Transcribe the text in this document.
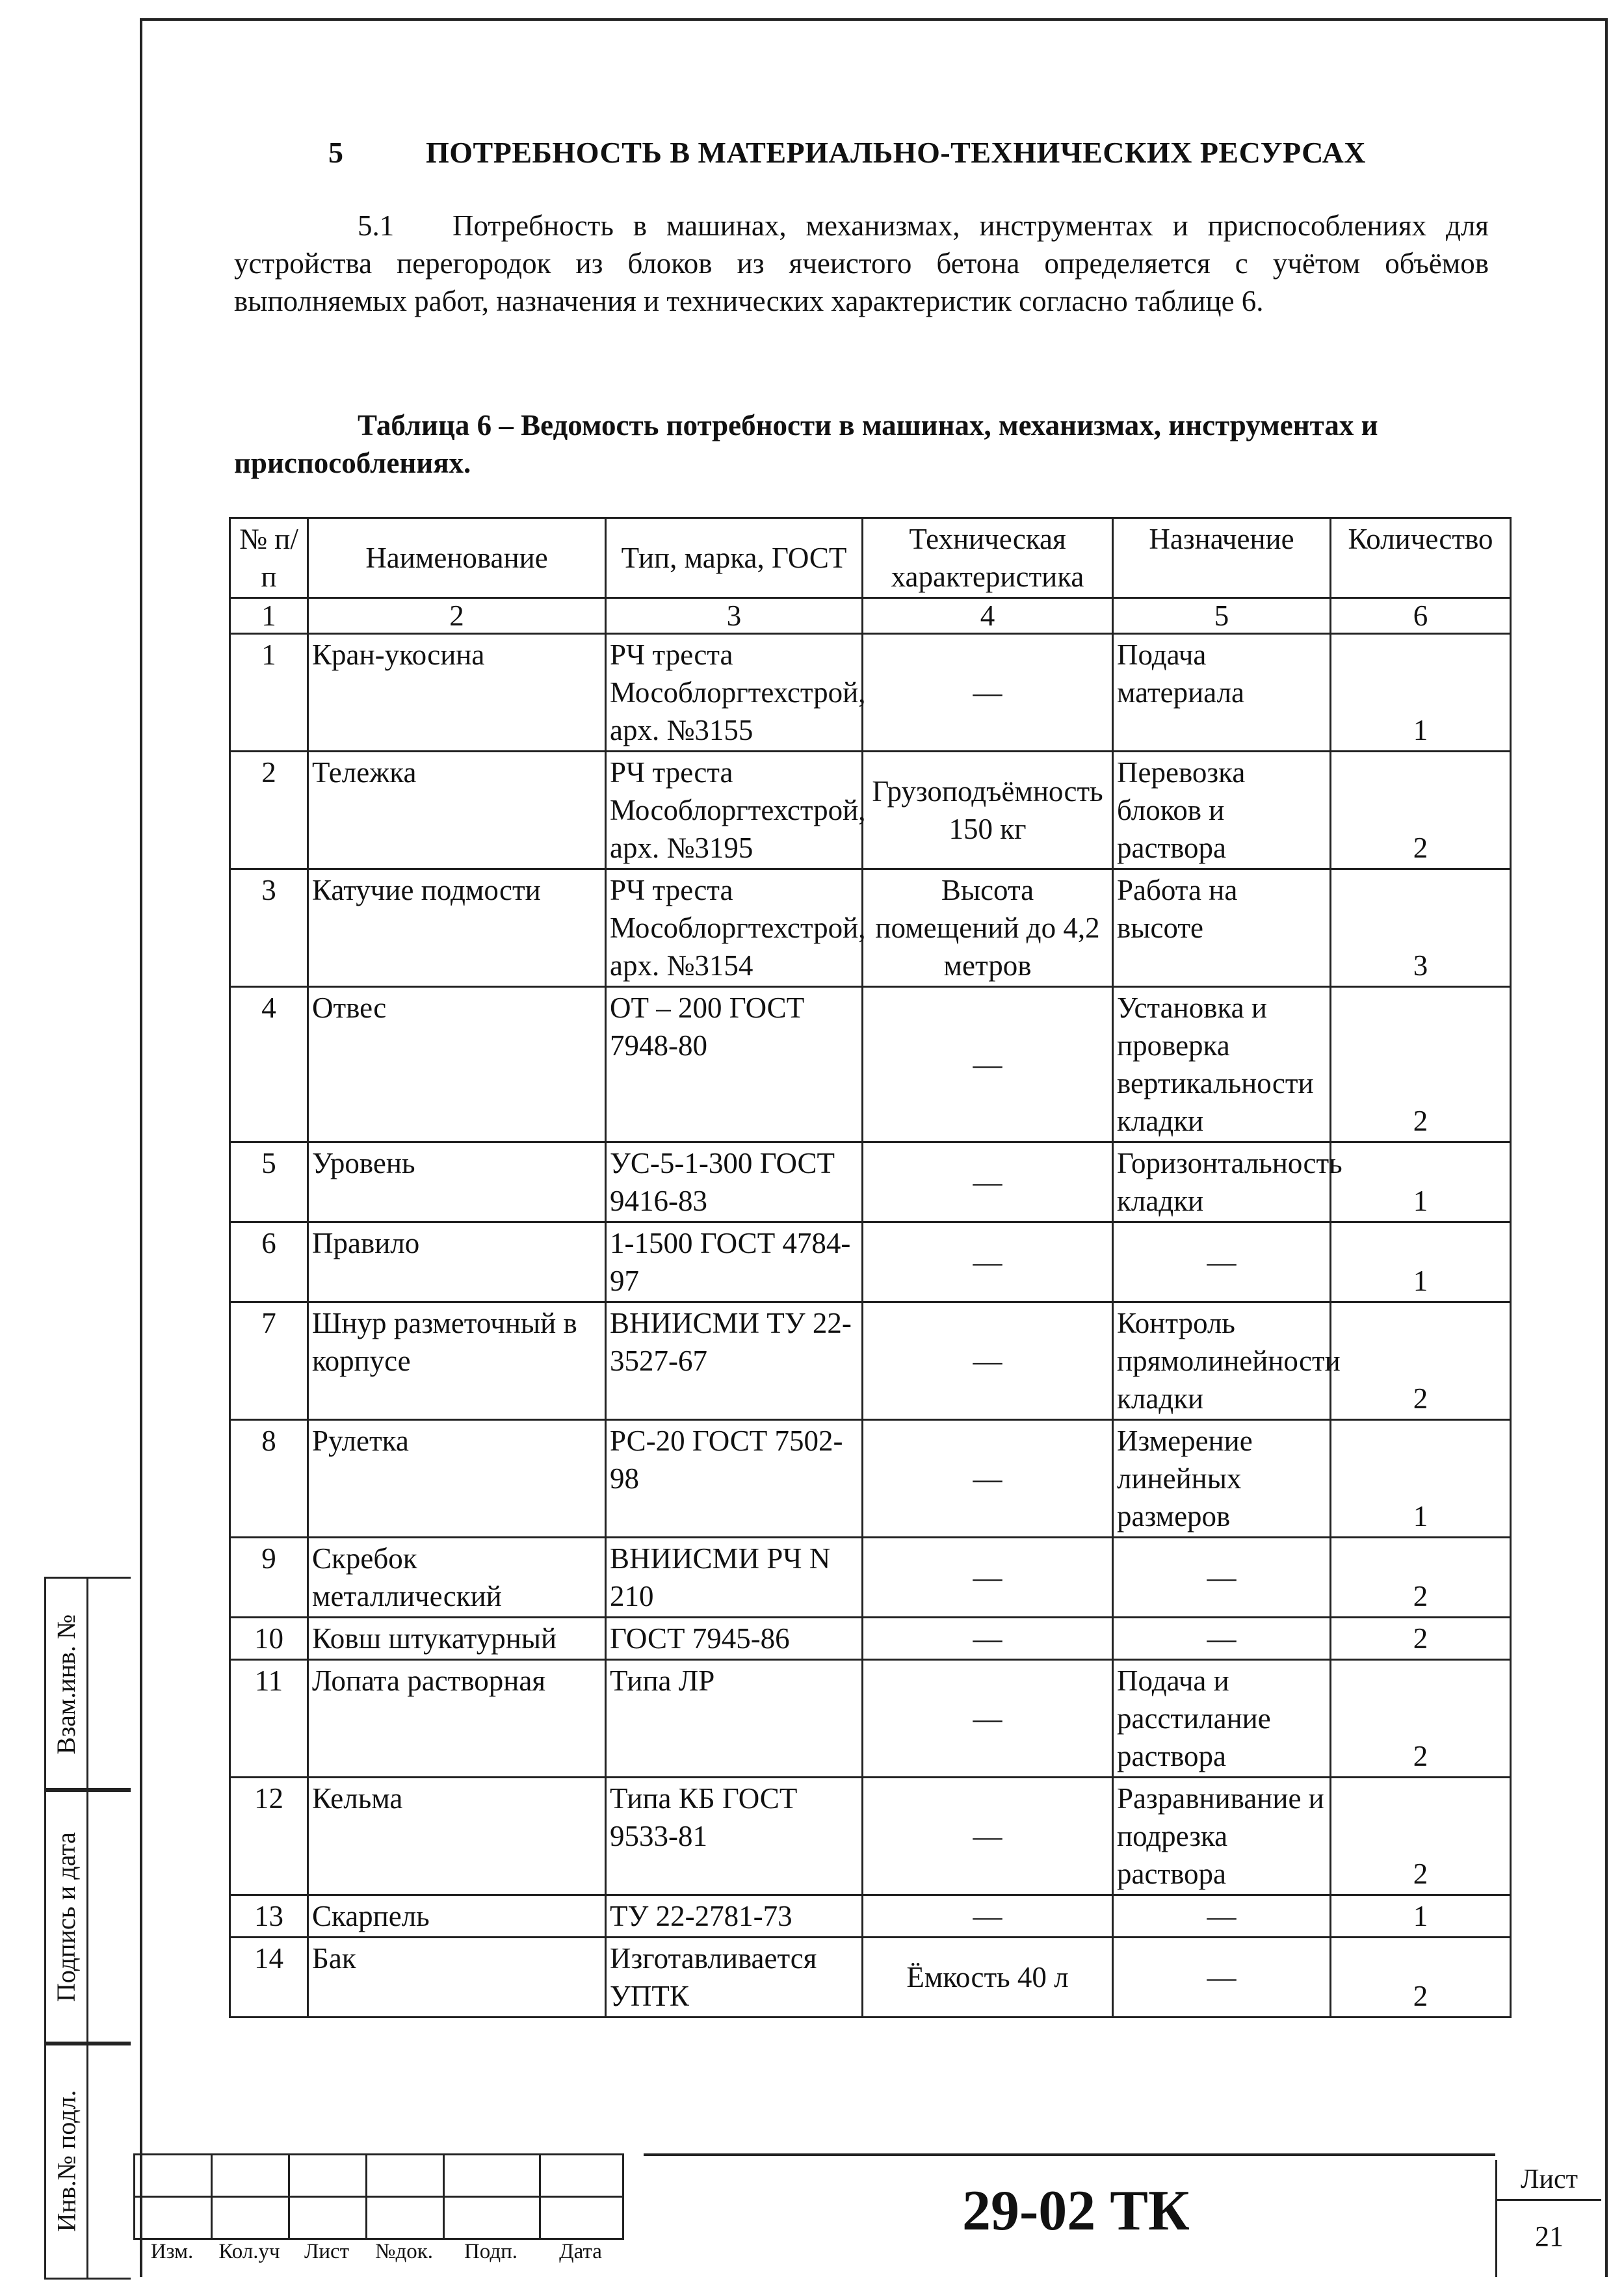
5	ПОТРЕБНОСТЬ В МАТЕРИАЛЬНО-ТЕХНИЧЕСКИХ РЕСУРСАХ
5.1 Потребность в машинах, механизмах, инструментах и приспособлениях для устройства перегородок из блоков из ячеистого бетона определяется с учётом объёмов выполняемых работ, назначения и технических характеристик согласно таблице 6.
Таблица 6 – Ведомость потребности в машинах, механизмах, инструментах и приспособлениях.
№ п/п	Наименование	Тип, марка, ГОСТ	Техническая характеристика	Назначение	Количество
1	2	3	4	5	6
1	Кран-укосина	РЧ треста Мособлоргтехстрой, арх. №3155	—	Подача материала	1
2	Тележка	РЧ треста Мособлоргтехстрой, арх. №3195	Грузоподъёмность 150 кг	Перевозка блоков и раствора	2
3	Катучие подмости	РЧ треста Мособлоргтехстрой, арх. №3154	Высота помещений до 4,2 метров	Работа на высоте	3
4	Отвес	ОТ – 200 ГОСТ 7948-80	—	Установка и проверка вертикальности кладки	2
5	Уровень	УС-5-1-300 ГОСТ 9416-83	—	Горизонтальность кладки	1
6	Правило	1-1500 ГОСТ 4784-97	—	—	1
7	Шнур разметочный в корпусе	ВНИИСМИ ТУ 22-3527-67	—	Контроль прямолинейности кладки	2
8	Рулетка	РС-20 ГОСТ 7502-98	—	Измерение линейных размеров	1
9	Скребок металлический	ВНИИСМИ РЧ N 210	—	—	2
10	Ковш штукатурный	ГОСТ 7945-86	—	—	2
11	Лопата растворная	Типа ЛР	—	Подача и расстилание раствора	2
12	Кельма	Типа КБ ГОСТ 9533-81	—	Разравнивание и подрезка раствора	2
13	Скарпель	ТУ 22-2781-73	—	—	1
14	Бак	Изготавливается УПТК	Ёмкость 40 л	—	2
Взам.инв. №
Подпись и дата
Инв.№ подл.

Изм.	Кол.уч	Лист	№док.	Подп.	Дата
29-02 ТК	Лист
21
